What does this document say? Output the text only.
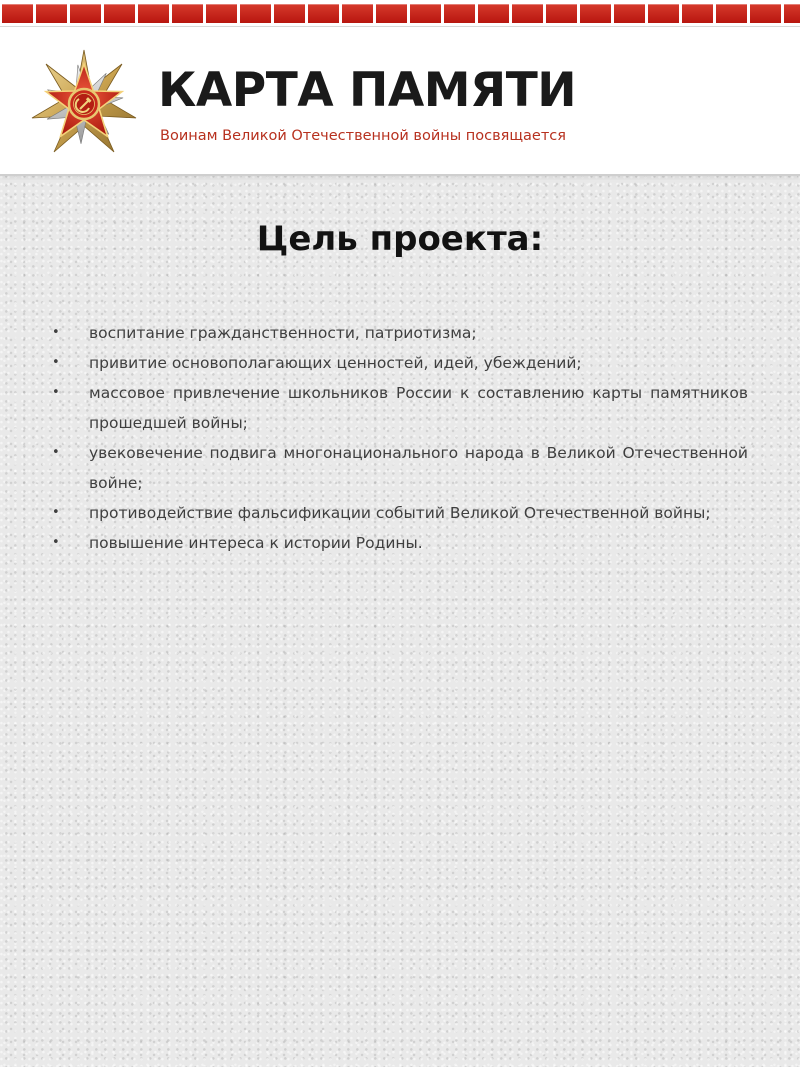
КАРТА ПАМЯТИ
Воинам Великой Отечественной войны посвящается
Цель проекта:
• воспитание гражданственности, патриотизма;
• привитие основополагающих ценностей, идей, убеждений;
• массовое привлечение школьников России к составлению карты памятников прошедшей войны;
• увековечение подвига многонационального народа в Великой Отечественной войне;
• противодействие фальсификации событий Великой Отечественной войны;
• повышение интереса к истории Родины.
